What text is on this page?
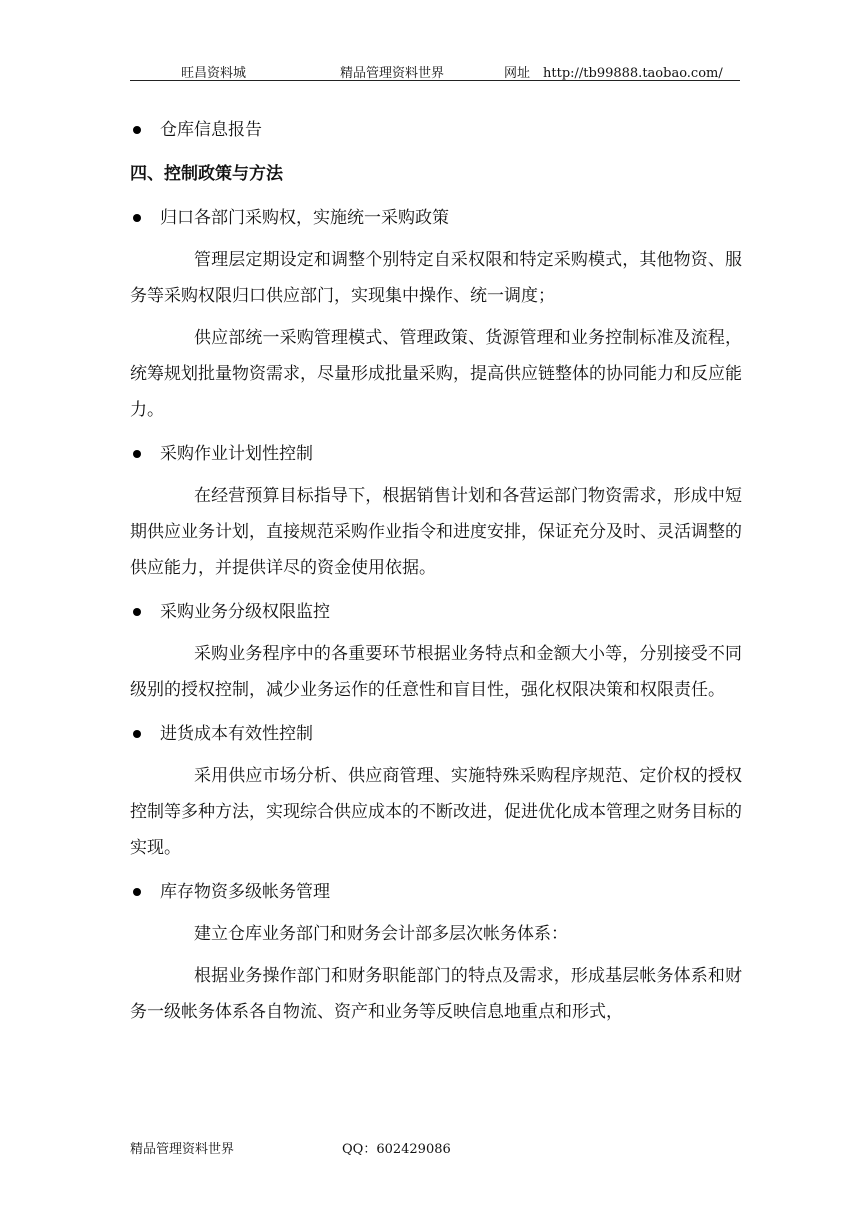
旺昌资料城	精品管理资料世界	网址　http://tb99888.taobao.com/
仓库信息报告
四、控制政策与方法
归口各部门采购权，实施统一采购政策
管理层定期设定和调整个别特定自采权限和特定采购模式，其他物资、服务等采购权限归口供应部门，实现集中操作、统一调度；
供应部统一采购管理模式、管理政策、货源管理和业务控制标准及流程，统筹规划批量物资需求，尽量形成批量采购，提高供应链整体的协同能力和反应能力。
采购作业计划性控制
在经营预算目标指导下，根据销售计划和各营运部门物资需求，形成中短期供应业务计划，直接规范采购作业指令和进度安排，保证充分及时、灵活调整的供应能力，并提供详尽的资金使用依据。
采购业务分级权限监控
采购业务程序中的各重要环节根据业务特点和金额大小等，分别接受不同级别的授权控制，减少业务运作的任意性和盲目性，强化权限决策和权限责任。
进货成本有效性控制
采用供应市场分析、供应商管理、实施特殊采购程序规范、定价权的授权控制等多种方法，实现综合供应成本的不断改进，促进优化成本管理之财务目标的实现。
库存物资多级帐务管理
建立仓库业务部门和财务会计部多层次帐务体系：
根据业务操作部门和财务职能部门的特点及需求，形成基层帐务体系和财务一级帐务体系各自物流、资产和业务等反映信息地重点和形式，
精品管理资料世界	QQ：602429086
